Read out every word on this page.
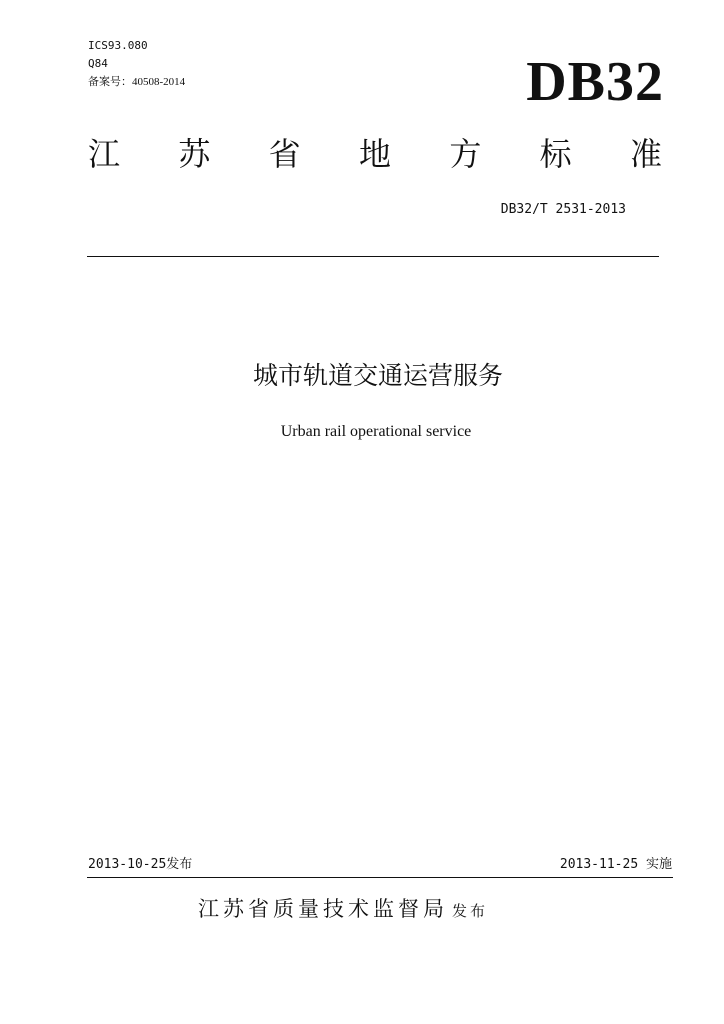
ICS93.080
Q84
备案号：40508-2014	DB32
江 苏 省 地 方 标 准
DB32/T 2531-2013
城市轨道交通运营服务
Urban rail operational service
2013-10-25发布	2013-11-25 实施
江苏省质量技术监督局 发布
